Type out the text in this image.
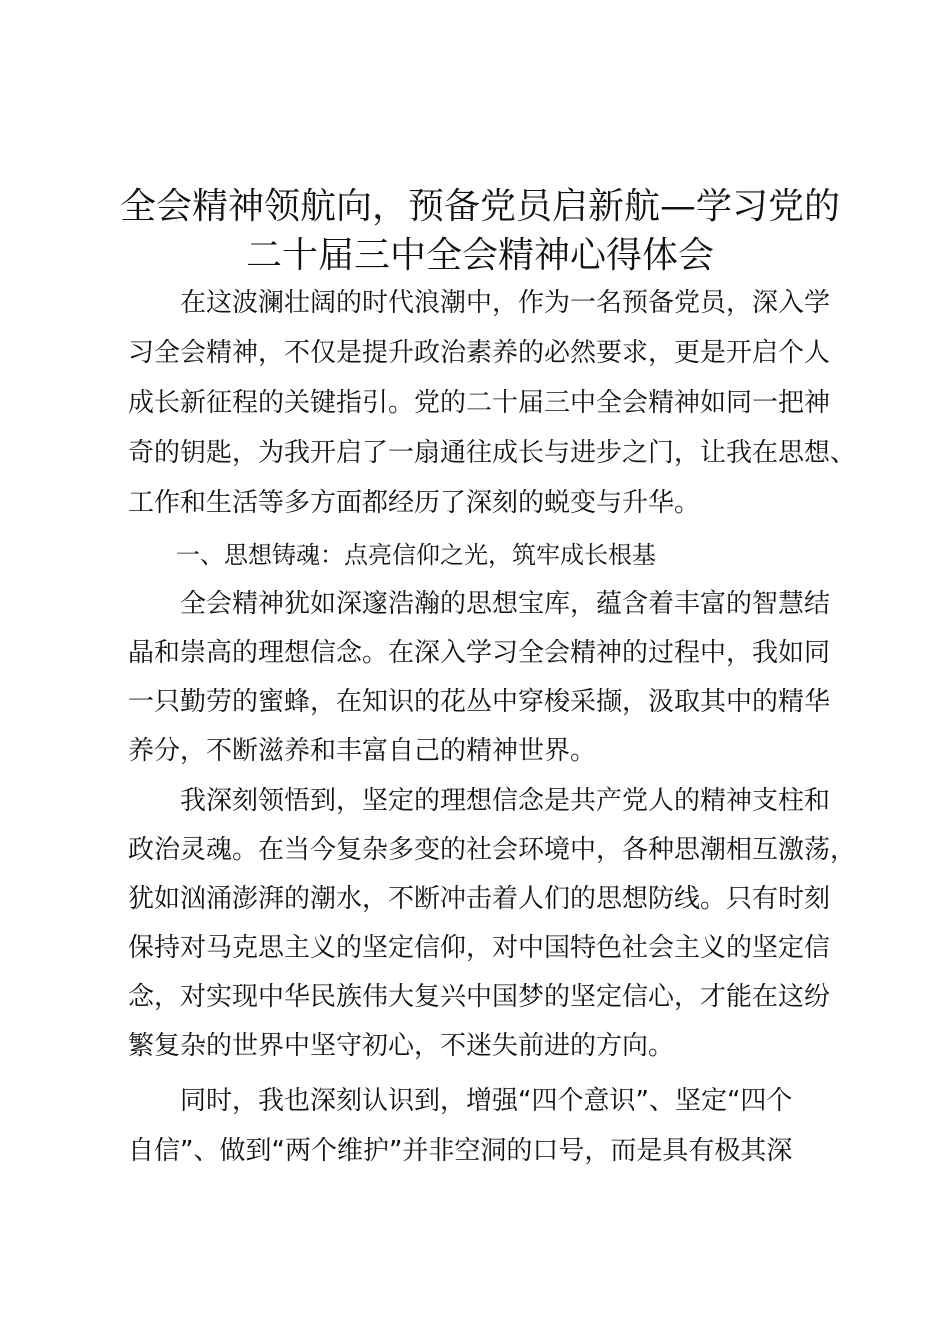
全会精神领航向，预备党员启新航—学习党的
二十届三中全会精神心得体会
　　在这波澜壮阔的时代浪潮中，作为一名预备党员，深入学
习全会精神，不仅是提升政治素养的必然要求，更是开启个人
成长新征程的关键指引。党的二十届三中全会精神如同一把神
奇的钥匙，为我开启了一扇通往成长与进步之门，让我在思想、
工作和生活等多方面都经历了深刻的蜕变与升华。
　　一、思想铸魂：点亮信仰之光，筑牢成长根基
　　全会精神犹如深邃浩瀚的思想宝库，蕴含着丰富的智慧结
晶和崇高的理想信念。在深入学习全会精神的过程中，我如同
一只勤劳的蜜蜂，在知识的花丛中穿梭采撷，汲取其中的精华
养分，不断滋养和丰富自己的精神世界。
　　我深刻领悟到，坚定的理想信念是共产党人的精神支柱和
政治灵魂。在当今复杂多变的社会环境中，各种思潮相互激荡，
犹如汹涌澎湃的潮水，不断冲击着人们的思想防线。只有时刻
保持对马克思主义的坚定信仰，对中国特色社会主义的坚定信
念，对实现中华民族伟大复兴中国梦的坚定信心，才能在这纷
繁复杂的世界中坚守初心，不迷失前进的方向。
　　同时，我也深刻认识到，增强“四个意识”、坚定“四个
自信”、做到“两个维护”并非空洞的口号，而是具有极其深
